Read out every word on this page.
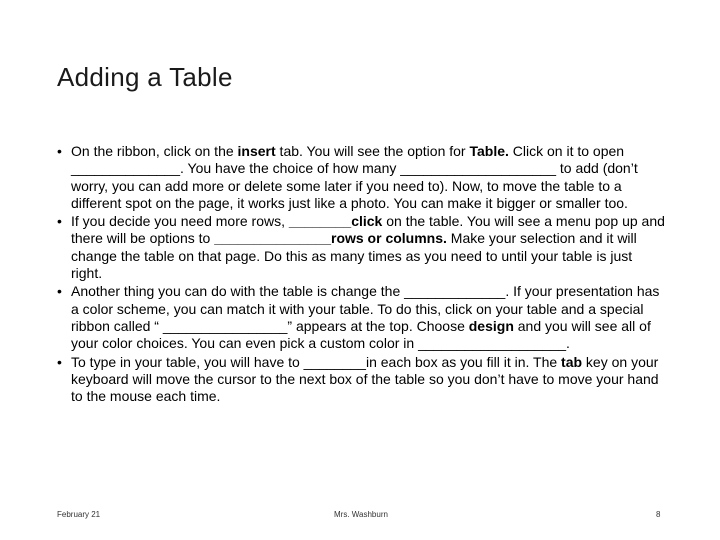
Adding a Table
• On the ribbon, click on the insert tab. You will see the option for Table. Click on it to open ______________. You have the choice of how many ____________________ to add (don’t worry, you can add more or delete some later if you need to). Now, to move the table to a different spot on the page, it works just like a photo. You can make it bigger or smaller too.
• If you decide you need more rows, ________click on the table. You will see a menu pop up and there will be options to _______________rows or columns. Make your selection and it will change the table on that page. Do this as many times as you need to until your table is just right.
• Another thing you can do with the table is change the _____________. If your presentation has a color scheme, you can match it with your table. To do this, click on your table and a special ribbon called “ ________________” appears at the top. Choose design and you will see all of your color choices. You can even pick a custom color in ___________________.
• To type in your table, you will have to ________in each box as you fill it in. The tab key on your keyboard will move the cursor to the next box of the table so you don’t have to move your hand to the mouse each time.
February 21	Mrs. Washburn	8
